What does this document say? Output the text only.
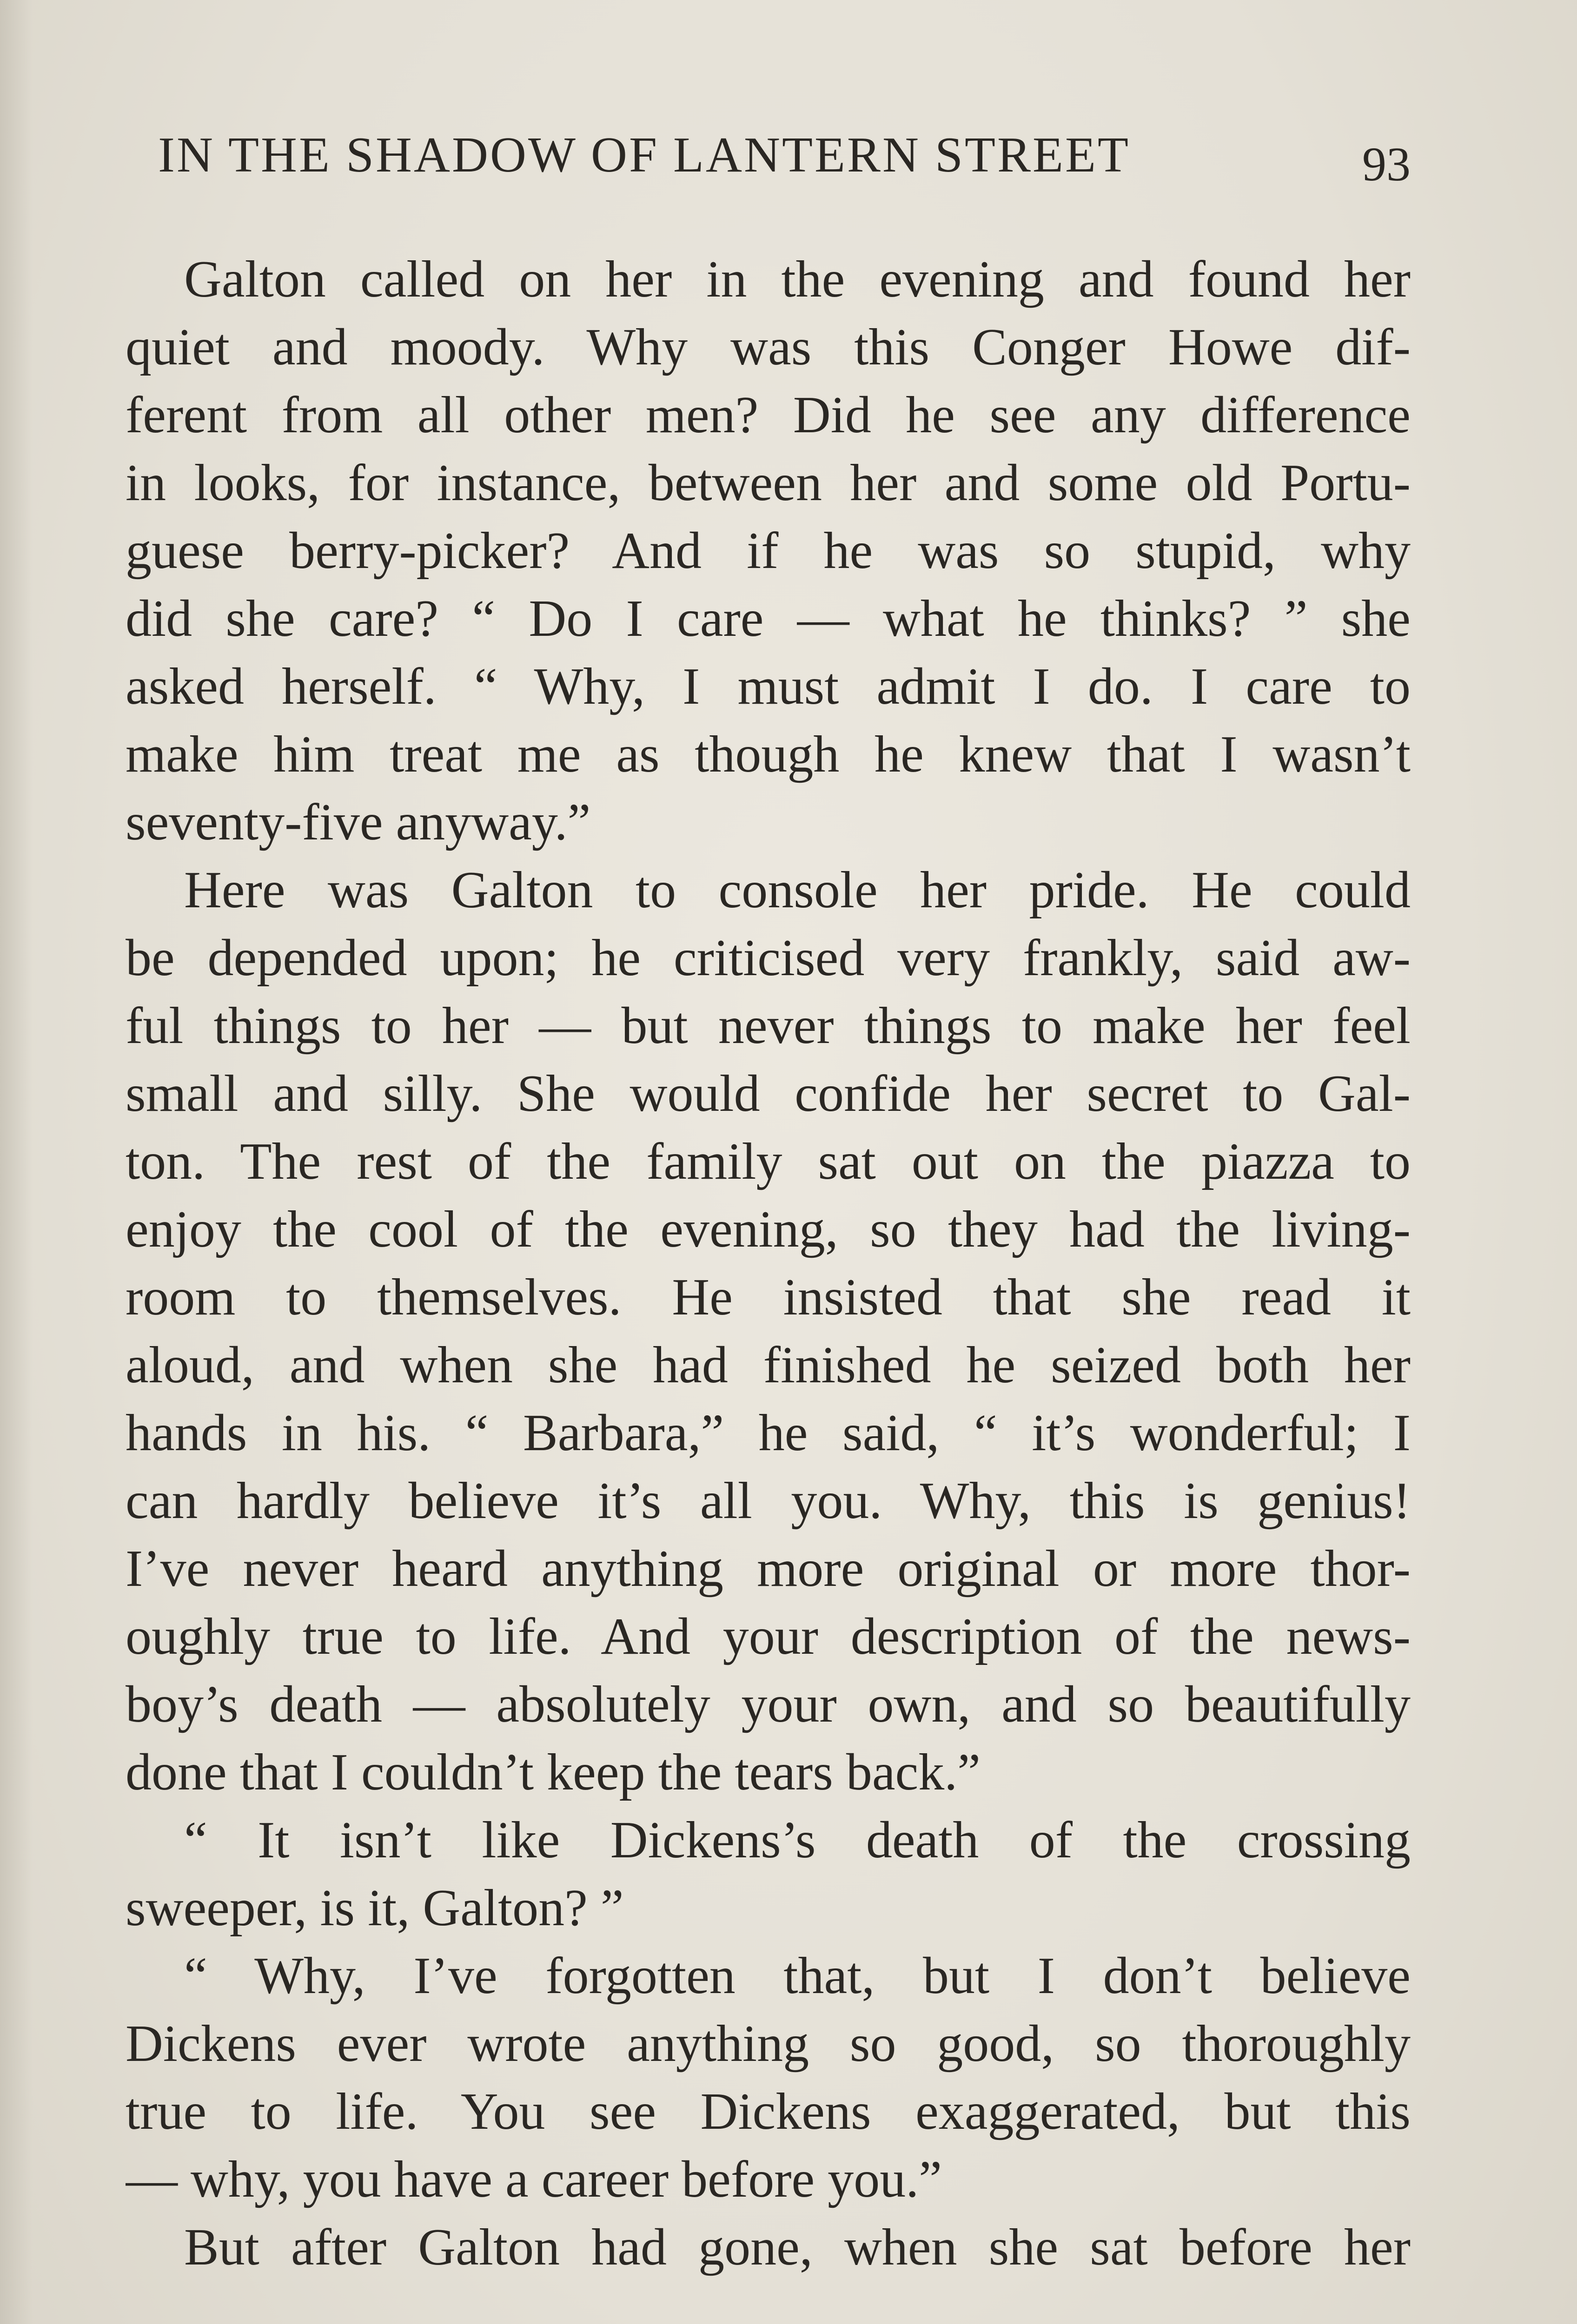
IN THE SHADOW OF LANTERN STREET	93
Galton called on her in the evening and found her
quiet and moody. Why was this Conger Howe dif-
ferent from all other men? Did he see any difference
in looks, for instance, between her and some old Portu-
guese berry-picker? And if he was so stupid, why
did she care? “ Do I care — what he thinks? ” she
asked herself. “ Why, I must admit I do. I care to
make him treat me as though he knew that I wasn’t
seventy-five anyway.”
Here was Galton to console her pride. He could
be depended upon; he criticised very frankly, said aw-
ful things to her — but never things to make her feel
small and silly. She would confide her secret to Gal-
ton. The rest of the family sat out on the piazza to
enjoy the cool of the evening, so they had the living-
room to themselves. He insisted that she read it
aloud, and when she had finished he seized both her
hands in his. “ Barbara,” he said, “ it’s wonderful; I
can hardly believe it’s all you. Why, this is genius!
I’ve never heard anything more original or more thor-
oughly true to life. And your description of the news-
boy’s death — absolutely your own, and so beautifully
done that I couldn’t keep the tears back.”
“ It isn’t like Dickens’s death of the crossing
sweeper, is it, Galton? ”
“ Why, I’ve forgotten that, but I don’t believe
Dickens ever wrote anything so good, so thoroughly
true to life. You see Dickens exaggerated, but this
— why, you have a career before you.”
But after Galton had gone, when she sat before her
